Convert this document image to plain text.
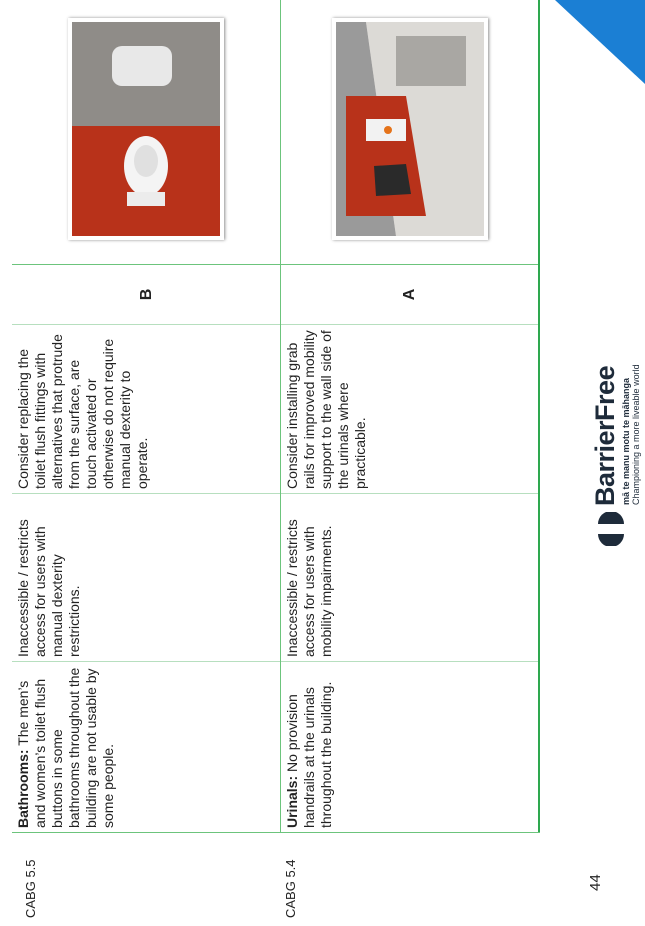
44
CABG 5.4
CABG 5.5
Urinals: No provision handrails at the urinals throughout the building.
Inaccessible / restricts access for users with mobility impairments.
Consider installing grab rails for improved mobility support to the wall side of the urinals where practicable.
A
Bathrooms: The men’s and women’s toilet flush buttons in some bathrooms throughout the building are not usable by some people.
Inaccessible / restricts access for users with manual dexterity restrictions.
Consider replacing the toilet flush fittings with alternatives that protrude from the surface, are touch activated or otherwise do not require manual dexterity to operate.
B
BarrierFree mā te manu motu te māhanga Championing a more liveable world
